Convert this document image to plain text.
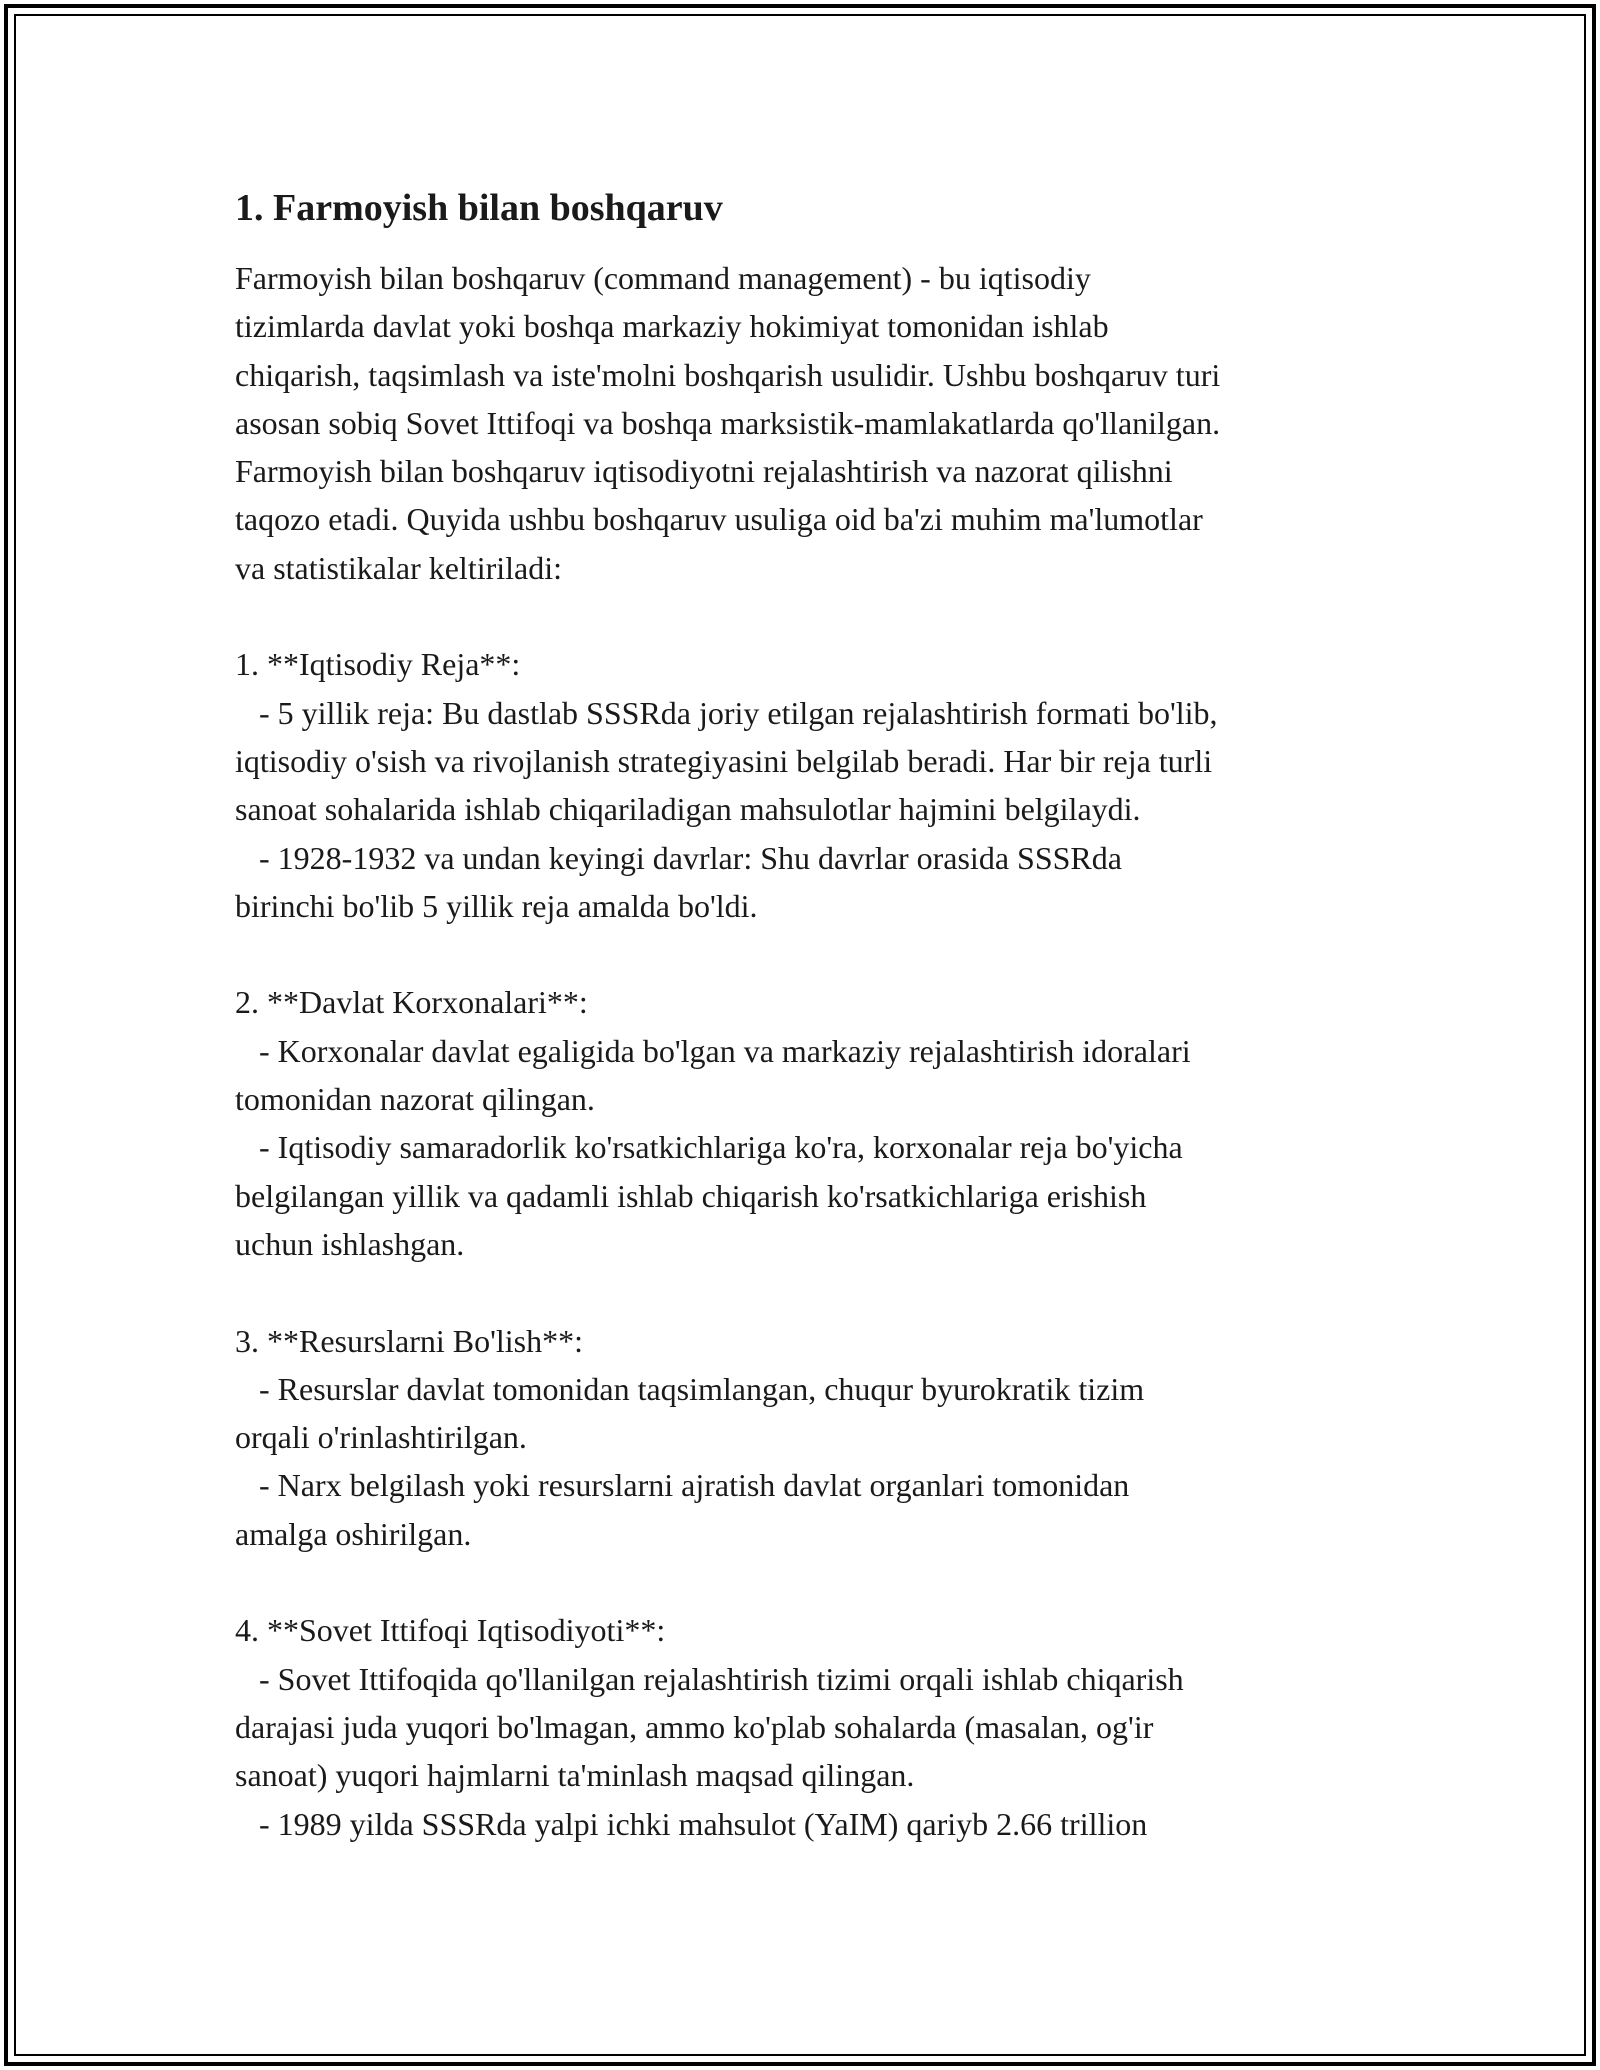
1. Farmoyish bilan boshqaruv
Farmoyish bilan boshqaruv (command management) - bu iqtisodiy
tizimlarda davlat yoki boshqa markaziy hokimiyat tomonidan ishlab
chiqarish, taqsimlash va iste'molni boshqarish usulidir. Ushbu boshqaruv turi
asosan sobiq Sovet Ittifoqi va boshqa marksistik-mamlakatlarda qo'llanilgan.
Farmoyish bilan boshqaruv iqtisodiyotni rejalashtirish va nazorat qilishni
taqozo etadi. Quyida ushbu boshqaruv usuliga oid ba'zi muhim ma'lumotlar
va statistikalar keltiriladi:

1. **Iqtisodiy Reja**:
- 5 yillik reja: Bu dastlab SSSRda joriy etilgan rejalashtirish formati bo'lib,
iqtisodiy o'sish va rivojlanish strategiyasini belgilab beradi. Har bir reja turli
sanoat sohalarida ishlab chiqariladigan mahsulotlar hajmini belgilaydi.
- 1928-1932 va undan keyingi davrlar: Shu davrlar orasida SSSRda
birinchi bo'lib 5 yillik reja amalda bo'ldi.

2. **Davlat Korxonalari**:
- Korxonalar davlat egaligida bo'lgan va markaziy rejalashtirish idoralari
tomonidan nazorat qilingan.
- Iqtisodiy samaradorlik ko'rsatkichlariga ko'ra, korxonalar reja bo'yicha
belgilangan yillik va qadamli ishlab chiqarish ko'rsatkichlariga erishish
uchun ishlashgan.

3. **Resurslarni Bo'lish**:
- Resurslar davlat tomonidan taqsimlangan, chuqur byurokratik tizim
orqali o'rinlashtirilgan.
- Narx belgilash yoki resurslarni ajratish davlat organlari tomonidan
amalga oshirilgan.

4. **Sovet Ittifoqi Iqtisodiyoti**:
- Sovet Ittifoqida qo'llanilgan rejalashtirish tizimi orqali ishlab chiqarish
darajasi juda yuqori bo'lmagan, ammo ko'plab sohalarda (masalan, og'ir
sanoat) yuqori hajmlarni ta'minlash maqsad qilingan.
- 1989 yilda SSSRda yalpi ichki mahsulot (YaIM) qariyb 2.66 trillion
